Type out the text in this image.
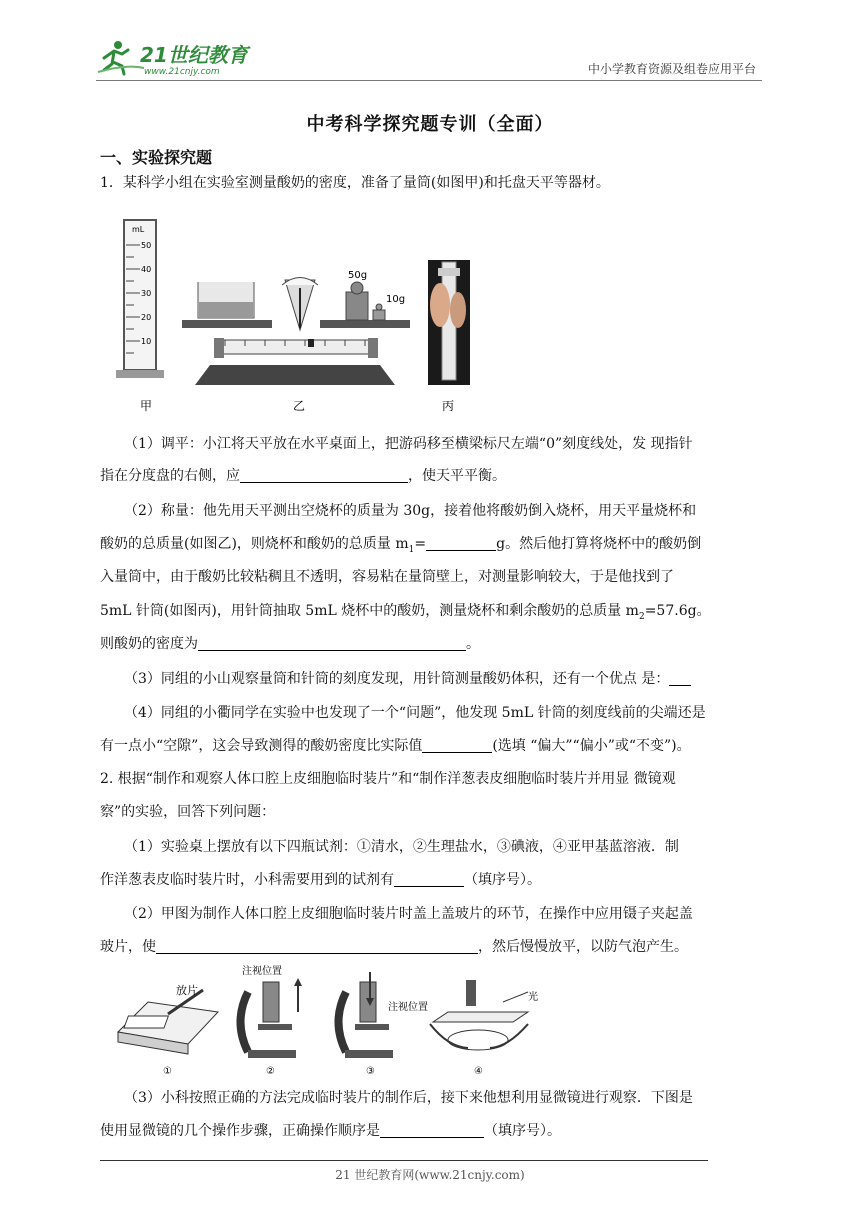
21世纪教育
www.21cnjy.com	中小学教育资源及组卷应用平台
中考科学探究题专训（全面）
一、实验探究题
1．某科学小组在实验室测量酸奶的密度，准备了量筒(如图甲)和托盘天平等器材。
mL
50
40
30
20
10
50g
10g
甲	乙	丙
（1）调平：小江将天平放在水平桌面上，把游码移至横梁标尺左端“0”刻度线处，发 现指针
指在分度盘的右侧，应	，使天平平衡。
（2）称量：他先用天平测出空烧杯的质量为 30g，接着他将酸奶倒入烧杯，用天平量烧杯和
酸奶的总质量(如图乙)，则烧杯和酸奶的总质量 $m_1=$	g。然后他打算将烧杯中的酸奶倒
入量筒中，由于酸奶比较粘稠且不透明，容易粘在量筒壁上，对测量影响较大，于是他找到了
5mL 针筒(如图丙)，用针筒抽取 5mL 烧杯中的酸奶，测量烧杯和剩余酸奶的总质量 $m_2=57.6g$。
则酸奶的密度为	。
（3）同组的小山观察量筒和针筒的刻度发现，用针筒测量酸奶体积，还有一个优点 是：
（4）同组的小衢同学在实验中也发现了一个“问题”，他发现 5mL 针筒的刻度线前的尖端还是
有一点小“空隙”，这会导致测得的酸奶密度比实际值	(选填 “偏大”“偏小”或“不变”)。
2. 根据“制作和观察人体口腔上皮细胞临时装片”和“制作洋葱表皮细胞临时装片并用显 微镜观
察”的实验，回答下列问题：
（1）实验桌上摆放有以下四瓶试剂：①清水，②生理盐水，③碘液，④亚甲基蓝溶液．制
作洋葱表皮临时装片时，小科需要用到的试剂有	（填序号）。
（2）甲图为制作人体口腔上皮细胞临时装片时盖上盖玻片的环节，在操作中应用镊子夹起盖
玻片，使	，然后慢慢放平，以防气泡产生。
放片
①
注视位置
②
注视位置
③
光
④
（3）小科按照正确的方法完成临时装片的制作后，接下来他想利用显微镜进行观察．下图是
使用显微镜的几个操作步骤，正确操作顺序是	（填序号）。
21 世纪教育网(www.21cnjy.com)
